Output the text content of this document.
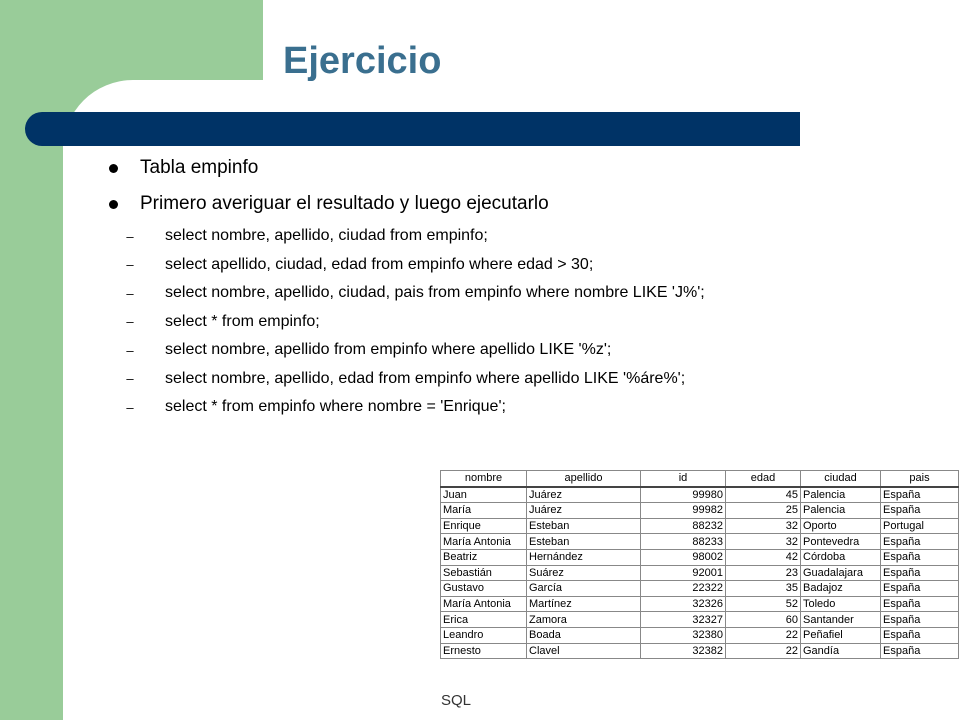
Ejercicio
Tabla empinfo
Primero averiguar el resultado y luego ejecutarlo
– select nombre, apellido, ciudad from empinfo;
– select apellido, ciudad, edad from empinfo where edad > 30;
– select nombre, apellido, ciudad, pais from empinfo where nombre LIKE 'J%';
– select * from empinfo;
– select nombre, apellido from empinfo where apellido LIKE '%z';
– select nombre, apellido, edad from empinfo where apellido LIKE '%áre%';
– select * from empinfo where nombre = 'Enrique';
nombre	apellido	id	edad	ciudad	pais
Juan	Juárez	99980	45	Palencia	España
María	Juárez	99982	25	Palencia	España
Enrique	Esteban	88232	32	Oporto	Portugal
María Antonia	Esteban	88233	32	Pontevedra	España
Beatriz	Hernández	98002	42	Córdoba	España
Sebastián	Suárez	92001	23	Guadalajara	España
Gustavo	García	22322	35	Badajoz	España
María Antonia	Martínez	32326	52	Toledo	España
Erica	Zamora	32327	60	Santander	España
Leandro	Boada	32380	22	Peñafiel	España
Ernesto	Clavel	32382	22	Gandía	España
SQL
